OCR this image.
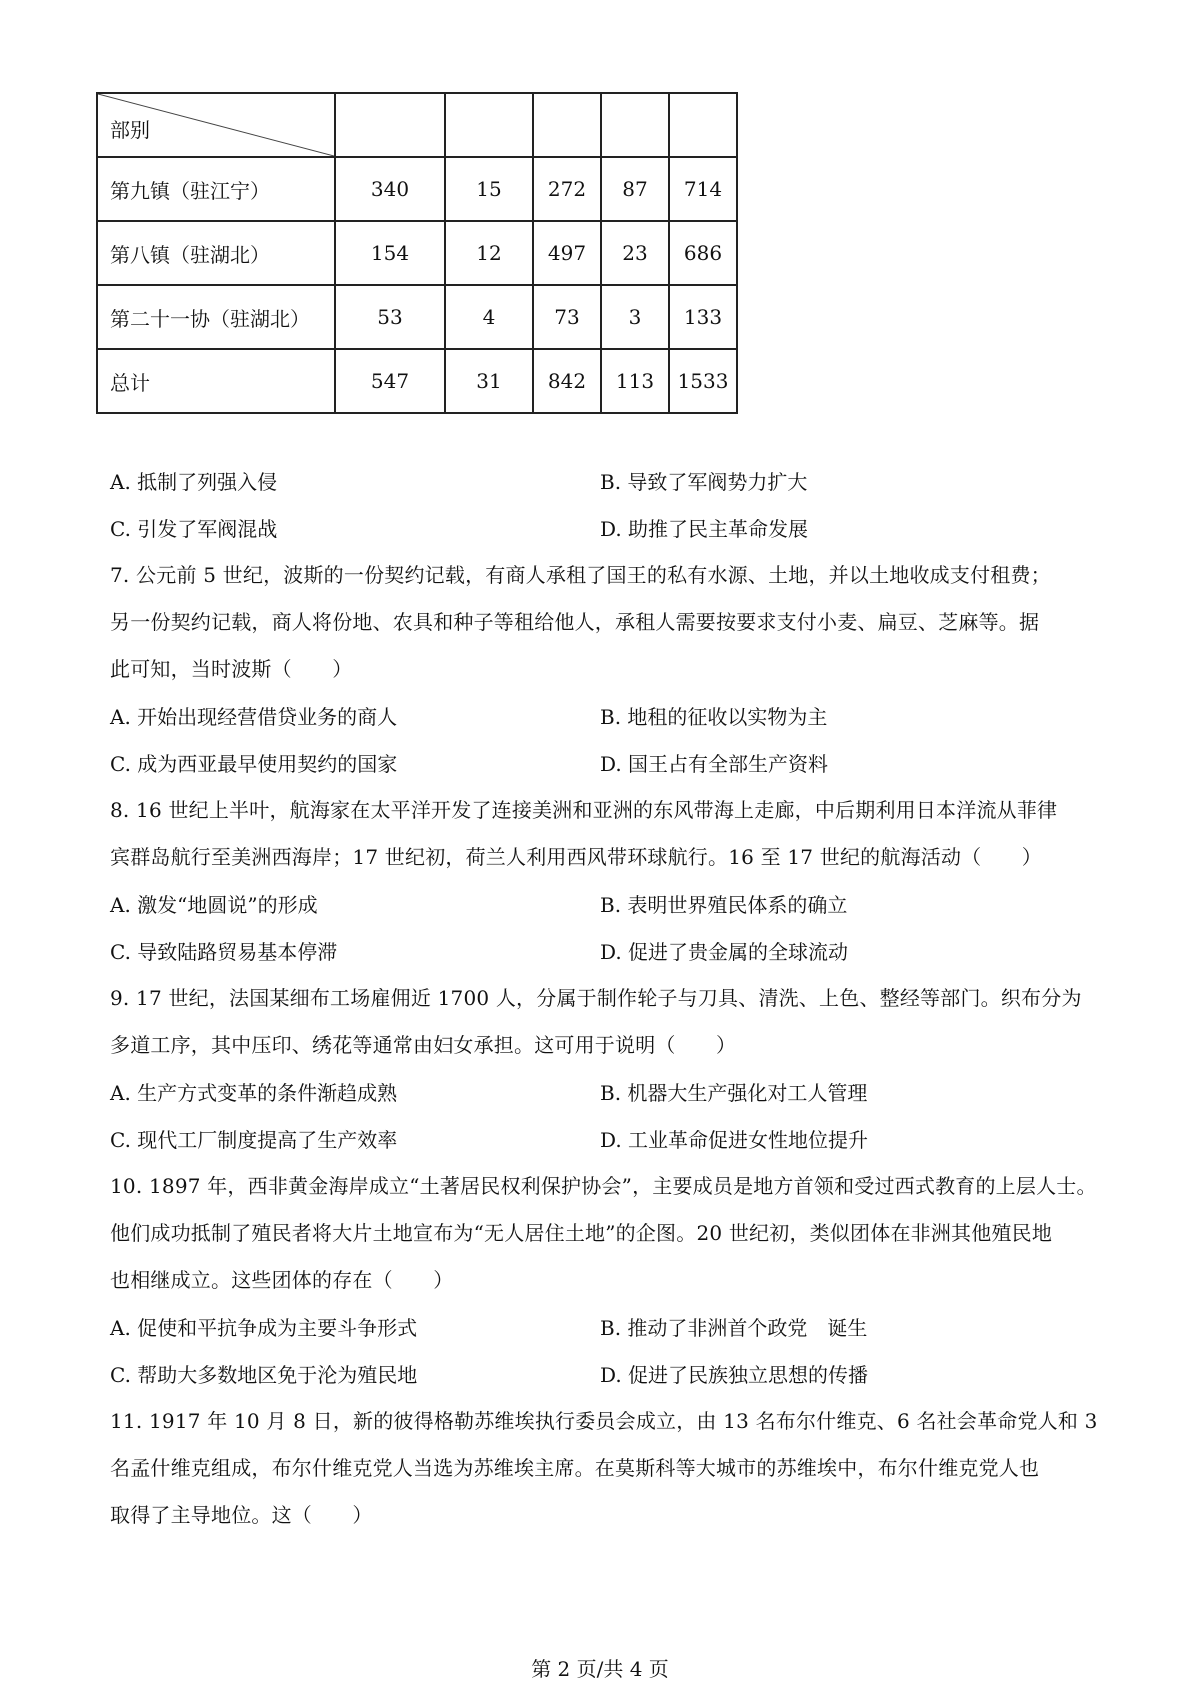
部别					

第九镇（驻江宁）	340	15	272	87	714
第八镇（驻湖北）	154	12	497	23	686
第二十一协（驻湖北）	53	4	73	3	133
总计	547	31	842	113	1533
A. 抵制了列强入侵	B. 导致了军阀势力扩大
C. 引发了军阀混战	D. 助推了民主革命发展

7. 公元前 5 世纪，波斯的一份契约记载，有商人承租了国王的私有水源、土地，并以土地收成支付租费；

另一份契约记载，商人将份地、农具和种子等租给他人，承租人需要按要求支付小麦、扁豆、芝麻等。据

此可知，当时波斯（　　）

A. 开始出现经营借贷业务的商人	B. 地租的征收以实物为主
C. 成为西亚最早使用契约的国家	D. 国王占有全部生产资料

8. 16 世纪上半叶，航海家在太平洋开发了连接美洲和亚洲的东风带海上走廊，中后期利用日本洋流从菲律

宾群岛航行至美洲西海岸；17 世纪初，荷兰人利用西风带环球航行。16 至 17 世纪的航海活动（　　）

A. 激发“地圆说”的形成	B. 表明世界殖民体系的确立
C. 导致陆路贸易基本停滞	D. 促进了贵金属的全球流动

9. 17 世纪，法国某细布工场雇佣近 1700 人，分属于制作轮子与刀具、清洗、上色、整经等部门。织布分为

多道工序，其中压印、绣花等通常由妇女承担。这可用于说明（　　）

A. 生产方式变革的条件渐趋成熟	B. 机器大生产强化对工人管理
C. 现代工厂制度提高了生产效率	D. 工业革命促进女性地位提升

10. 1897 年，西非黄金海岸成立“土著居民权利保护协会”，主要成员是地方首领和受过西式教育的上层人士。

他们成功抵制了殖民者将大片土地宣布为“无人居住土地”的企图。20 世纪初，类似团体在非洲其他殖民地

也相继成立。这些团体的存在（　　）

A. 促使和平抗争成为主要斗争形式	B. 推动了非洲首个政党　诞生
C. 帮助大多数地区免于沦为殖民地	D. 促进了民族独立思想的传播

11. 1917 年 10 月 8 日，新的彼得格勒苏维埃执行委员会成立，由 13 名布尔什维克、6 名社会革命党人和 3

名孟什维克组成，布尔什维克党人当选为苏维埃主席。在莫斯科等大城市的苏维埃中，布尔什维克党人也

取得了主导地位。这（　　）

第 2 页/共 4 页
